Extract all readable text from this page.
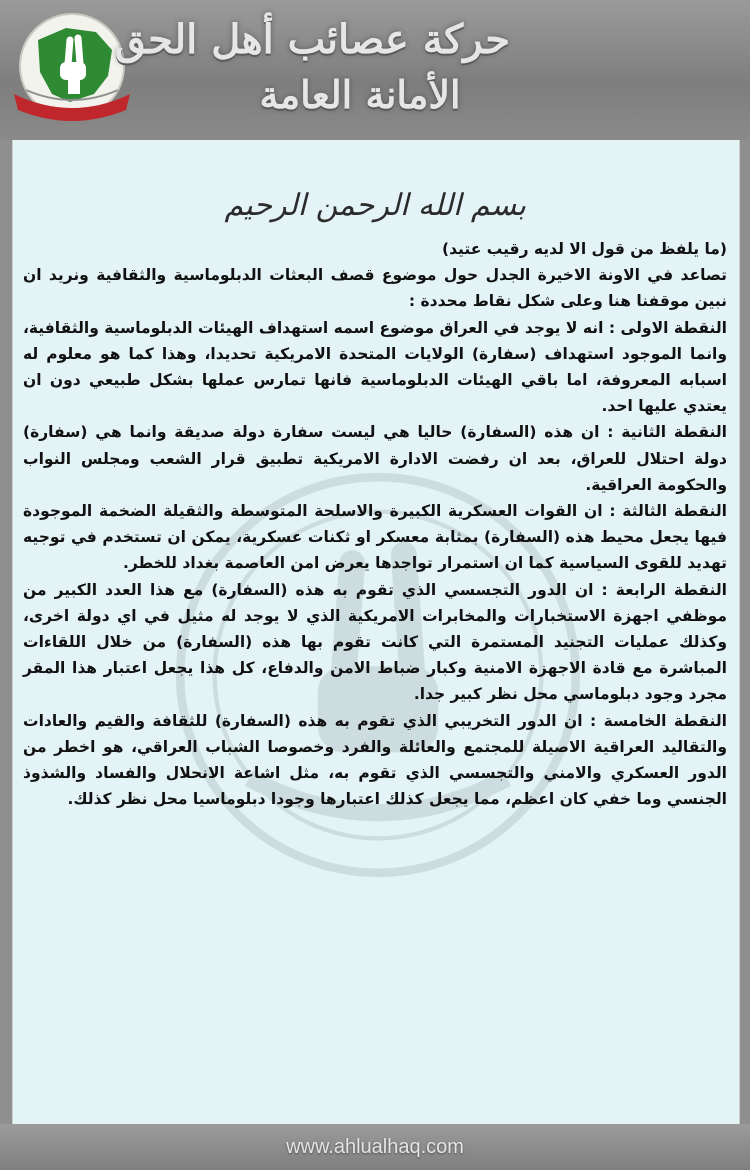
حركة عصائب أهل الحق
الأمانة العامة
بسم الله الرحمن الرحيم

(ما يلفظ من قول الا لديه رقيب عتيد)

تصاعد في الاونة الاخيرة الجدل حول موضوع قصف البعثات الدبلوماسية والثقافية ونريد ان نبين موقفنا هنا وعلى شكل نقاط محددة :

النقطة الاولى : انه لا يوجد في العراق موضوع اسمه استهداف الهيئات الدبلوماسية والثقافية، وانما الموجود استهداف (سفارة) الولايات المتحدة الامريكية تحديدا، وهذا كما هو معلوم له اسبابه المعروفة، اما باقي الهيئات الدبلوماسية فانها تمارس عملها بشكل طبيعي دون ان يعتدي عليها احد.

النقطة الثانية : ان هذه (السفارة) حاليا هي ليست سفارة دولة صديقة وانما هي (سفارة) دولة احتلال للعراق، بعد ان رفضت الادارة الامريكية تطبيق قرار الشعب ومجلس النواب والحكومة العراقية.

النقطة الثالثة : ان القوات العسكرية الكبيرة والاسلحة المتوسطة والثقيلة الضخمة الموجودة فيها يجعل محيط هذه (السفارة) بمثابة معسكر او ثكنات عسكرية، يمكن ان تستخدم في توجيه تهديد للقوى السياسية كما ان استمرار تواجدها يعرض امن العاصمة بغداد للخطر.

النقطة الرابعة : ان الدور التجسسي الذي تقوم به هذه (السفارة) مع هذا العدد الكبير من موظفي اجهزة الاستخبارات والمخابرات الامريكية الذي لا يوجد له مثيل في اي دولة اخرى، وكذلك عمليات التجنيد المستمرة التي كانت تقوم بها هذه (السفارة) من خلال اللقاءات المباشرة مع قادة الاجهزة الامنية وكبار ضباط الامن والدفاع، كل هذا يجعل اعتبار هذا المقر مجرد وجود دبلوماسي محل نظر كبير جدا.

النقطة الخامسة : ان الدور التخريبي الذي تقوم به هذه (السفارة) للثقافة والقيم والعادات والتقاليد العراقية الاصيلة للمجتمع والعائلة والفرد وخصوصا الشباب العراقي، هو اخطر من الدور العسكري والامني والتجسسي الذي تقوم به، مثل اشاعة الانحلال والفساد والشذوذ الجنسي وما خفي كان اعظم، مما يجعل كذلك اعتبارها وجودا دبلوماسيا محل نظر كذلك.

www.ahlualhaq.com
